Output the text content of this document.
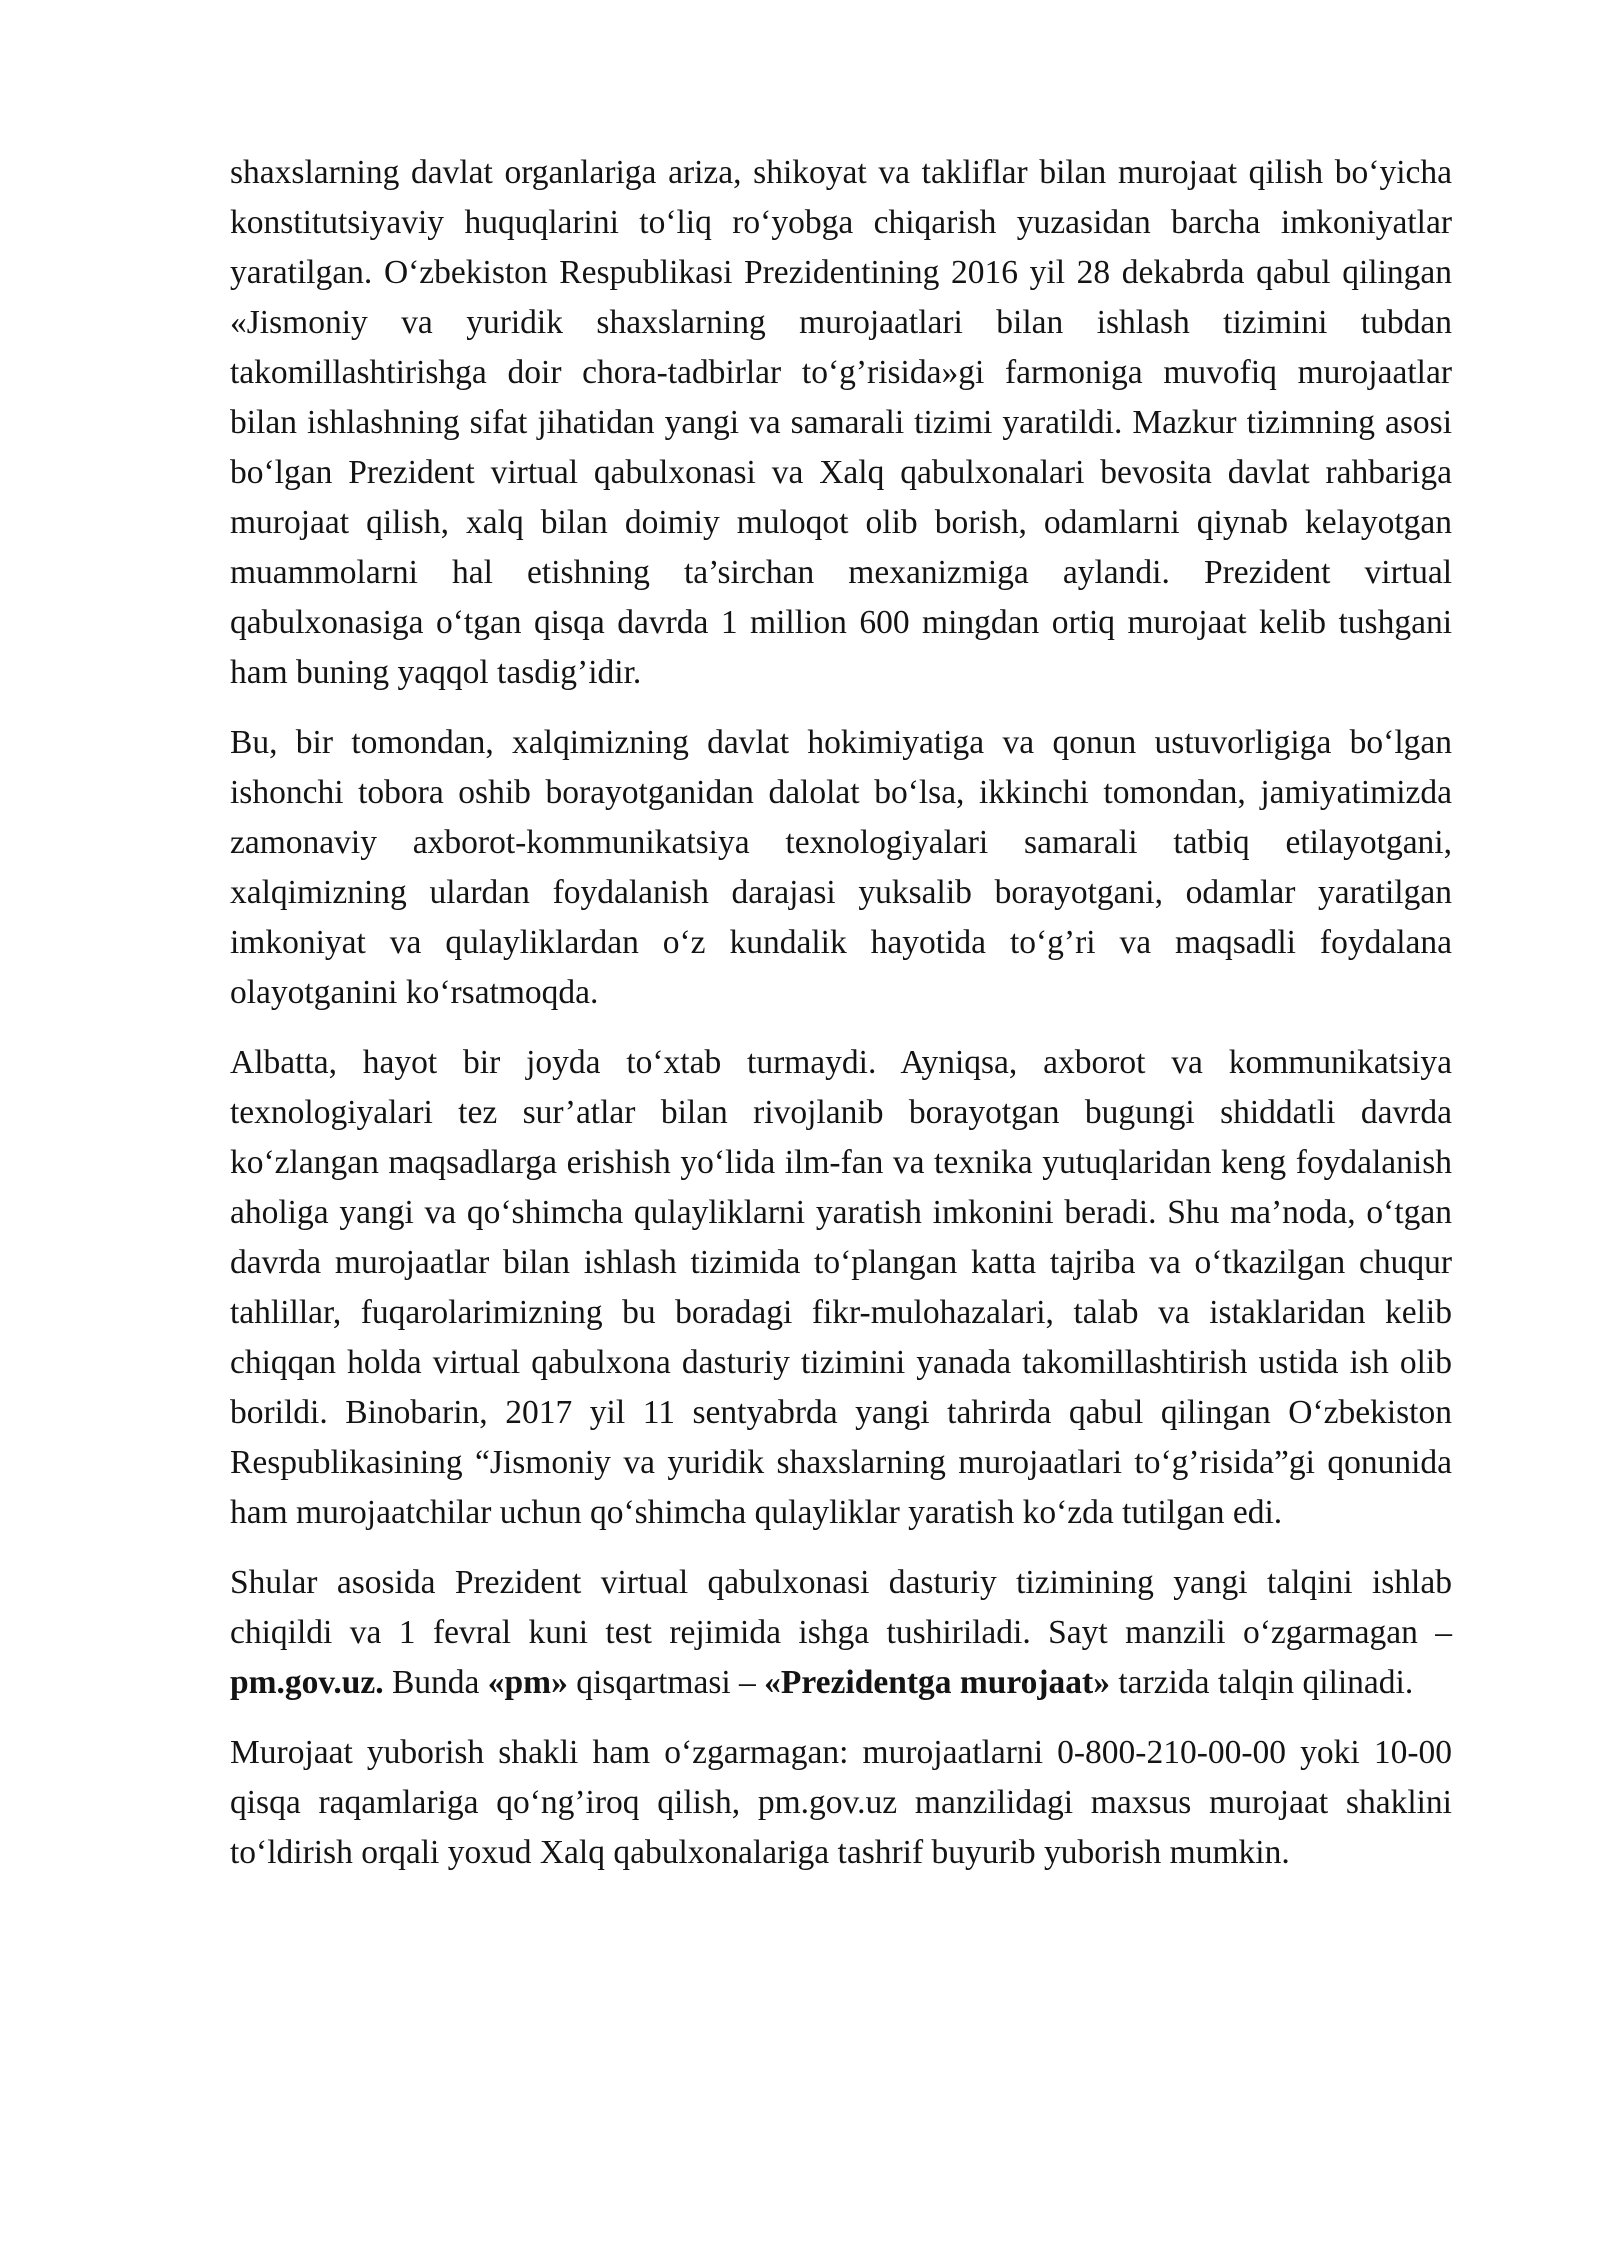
shaxslarning davlat organlariga ariza, shikoyat va takliflar bilan murojaat qilish bo‘yicha konstitutsiyaviy huquqlarini to‘liq ro‘yobga chiqarish yuzasidan barcha imkoniyatlar yaratilgan. O‘zbekiston Respublikasi Prezidentining 2016 yil 28 dekabrda qabul qilingan «Jismoniy va yuridik shaxslarning murojaatlari bilan ishlash tizimini tubdan takomillashtirishga doir chora-tadbirlar to‘g’risida»gi farmoniga muvofiq murojaatlar bilan ishlashning sifat jihatidan yangi va samarali tizimi yaratildi. Mazkur tizimning asosi bo‘lgan Prezident virtual qabulxonasi va Xalq qabulxonalari bevosita davlat rahbariga murojaat qilish, xalq bilan doimiy muloqot olib borish, odamlarni qiynab kelayotgan muammolarni hal etishning ta’sirchan mexanizmiga aylandi. Prezident virtual qabulxonasiga o‘tgan qisqa davrda 1 million 600 mingdan ortiq murojaat kelib tushgani ham buning yaqqol tasdig’idir.

Bu, bir tomondan, xalqimizning davlat hokimiyatiga va qonun ustuvorligiga bo‘lgan ishonchi tobora oshib borayotganidan dalolat bo‘lsa, ikkinchi tomondan, jamiyatimizda zamonaviy axborot-kommunikatsiya texnologiyalari samarali tatbiq etilayotgani, xalqimizning ulardan foydalanish darajasi yuksalib borayotgani, odamlar yaratilgan imkoniyat va qulayliklardan o‘z kundalik hayotida to‘g’ri va maqsadli foydalana olayotganini ko‘rsatmoqda.

Albatta, hayot bir joyda to‘xtab turmaydi. Ayniqsa, axborot va kommunikatsiya texnologiyalari tez sur’atlar bilan rivojlanib borayotgan bugungi shiddatli davrda ko‘zlangan maqsadlarga erishish yo‘lida ilm-fan va texnika yutuqlaridan keng foydalanish aholiga yangi va qo‘shimcha qulayliklarni yaratish imkonini beradi. Shu ma’noda, o‘tgan davrda murojaatlar bilan ishlash tizimida to‘plangan katta tajriba va o‘tkazilgan chuqur tahlillar, fuqarolarimizning bu boradagi fikr-mulohazalari, talab va istaklaridan kelib chiqqan holda virtual qabulxona dasturiy tizimini yanada takomillashtirish ustida ish olib borildi. Binobarin, 2017 yil 11 sentyabrda yangi tahrirda qabul qilingan O‘zbekiston Respublikasining “Jismoniy va yuridik shaxslarning murojaatlari to‘g’risida”gi qonunida ham murojaatchilar uchun qo‘shimcha qulayliklar yaratish ko‘zda tutilgan edi.

Shular asosida Prezident virtual qabulxonasi dasturiy tizimining yangi talqini ishlab chiqildi va 1 fevral kuni test rejimida ishga tushiriladi. Sayt manzili o‘zgarmagan – pm.gov.uz. Bunda «pm» qisqartmasi – «Prezidentga murojaat» tarzida talqin qilinadi.

Murojaat yuborish shakli ham o‘zgarmagan: murojaatlarni 0-800-210-00-00 yoki 10-00 qisqa raqamlariga qo‘ng’iroq qilish, pm.gov.uz manzilidagi maxsus murojaat shaklini to‘ldirish orqali yoxud Xalq qabulxonalariga tashrif buyurib yuborish mumkin.
